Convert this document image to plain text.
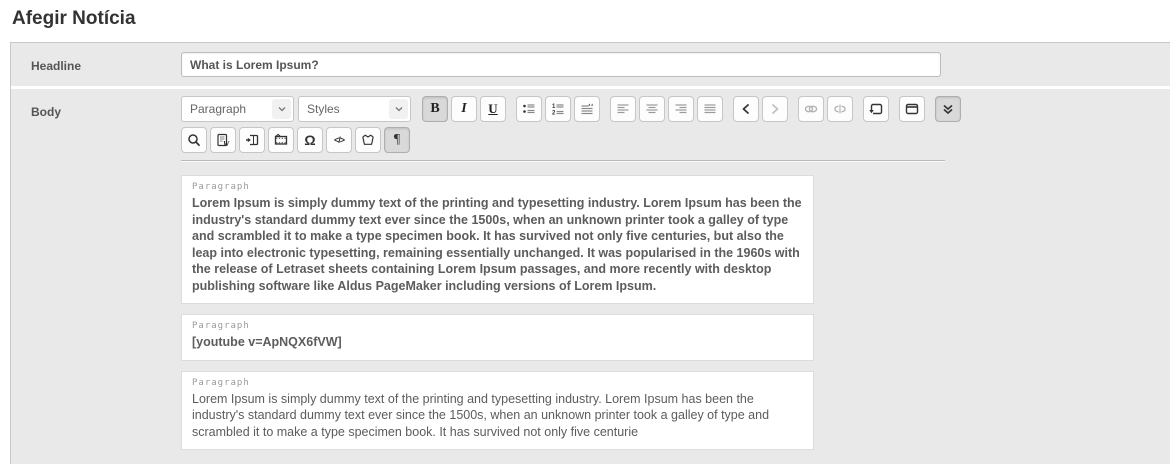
Afegir Notícia
Headline
What is Lorem Ipsum?
Body	Paragraph	Styles	B I U	1
2
W	Ω </>	¶
Paragraph
Lorem Ipsum is simply dummy text of the printing and typesetting industry. Lorem Ipsum has been the industry's standard dummy text ever since the 1500s, when an unknown printer took a galley of type and scrambled it to make a type specimen book. It has survived not only five centuries, but also the leap into electronic typesetting, remaining essentially unchanged. It was popularised in the 1960s with the release of Letraset sheets containing Lorem Ipsum passages, and more recently with desktop publishing software like Aldus PageMaker including versions of Lorem Ipsum.
Paragraph
[youtube v=ApNQX6fVW]
Paragraph
Lorem Ipsum is simply dummy text of the printing and typesetting industry. Lorem Ipsum has been the industry's standard dummy text ever since the 1500s, when an unknown printer took a galley of type and scrambled it to make a type specimen book. It has survived not only five centurie
